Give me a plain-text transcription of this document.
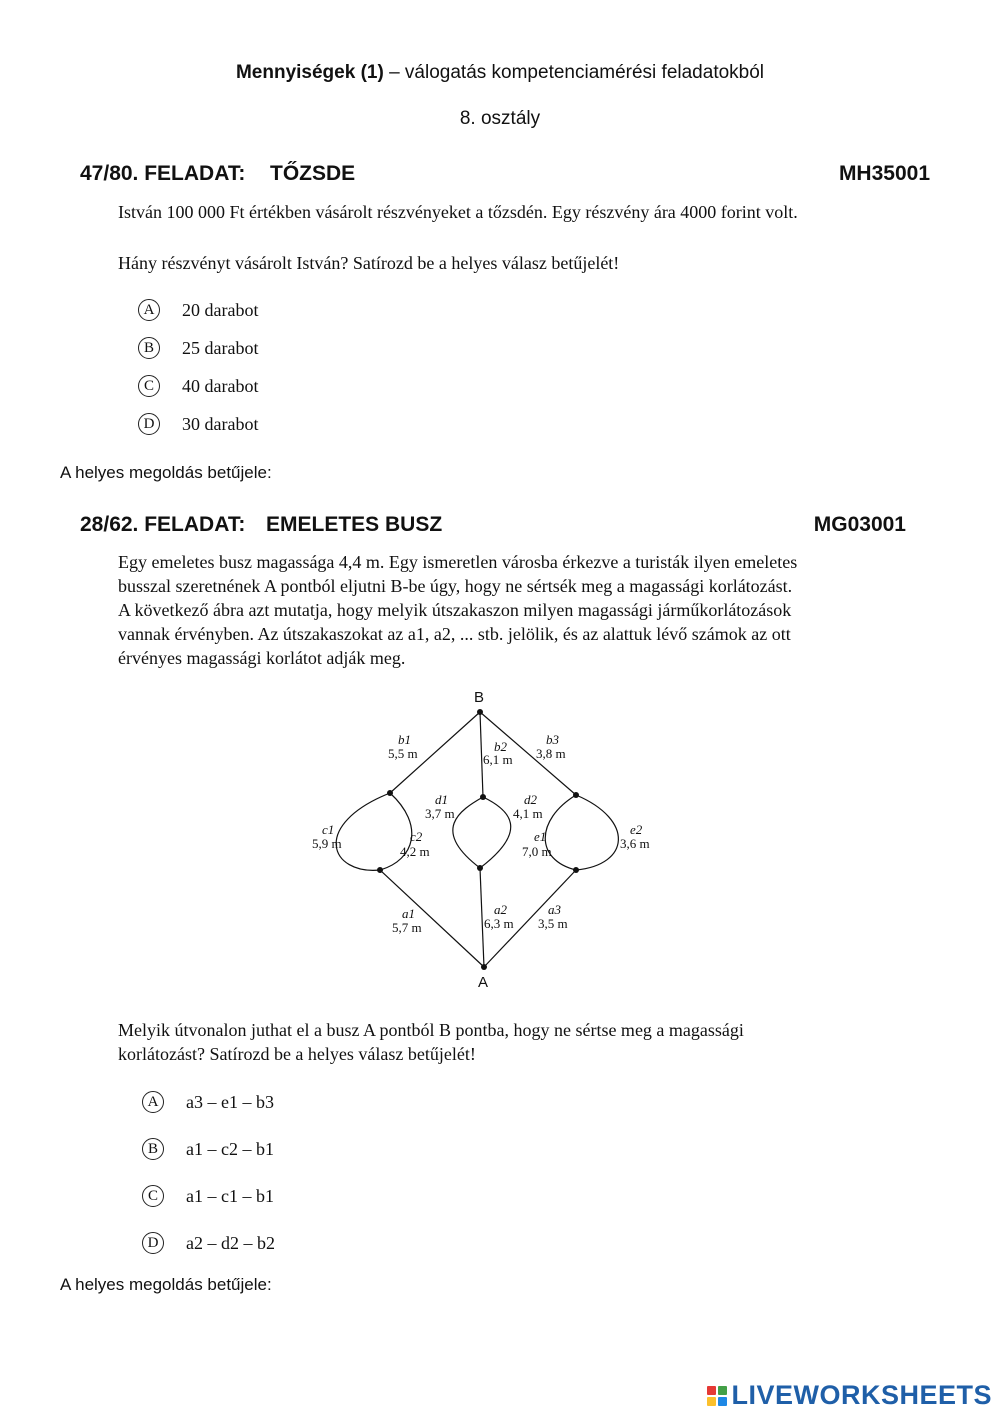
Mennyiségek (1) – válogatás kompetenciamérési feladatokból
8. osztály
47/80. FELADAT: TŐZSDE	MH35001
István 100 000 Ft értékben vásárolt részvényeket a tőzsdén. Egy részvény ára 4000 forint volt.
Hány részvényt vásárolt István? Satírozd be a helyes válasz betűjelét!
A	20 darabot
B	25 darabot
C	40 darabot
D	30 darabot
A helyes megoldás betűjele:
28/62. FELADAT: EMELETES BUSZ	MG03001
Egy emeletes busz magassága 4,4 m. Egy ismeretlen városba érkezve a turisták ilyen emeletes
busszal szeretnének A pontból eljutni B-be úgy, hogy ne sértsék meg a magassági korlátozást.
A következő ábra azt mutatja, hogy melyik útszakaszon milyen magassági járműkorlátozások
vannak érvényben. Az útszakaszokat az a1, a2, ... stb. jelölik, és az alattuk lévő számok az ott
érvényes magassági korlátot adják meg.
B
A
b1
5,5 m	b2
6,1 m
b3
3,8 m
d1
3,7 m
d2
4,1 m
c1
5,9 m	c2
4,2 m
e1
7,0 m
e2
3,6 m
a1
5,7 m
a2
6,3 m
a3
3,5 m
Melyik útvonalon juthat el a busz A pontból B pontba, hogy ne sértse meg a magassági
korlátozást? Satírozd be a helyes válasz betűjelét!
A	a3 – e1 – b3
B	a1 – c2 – b1
C	a1 – c1 – b1
D	a2 – d2 – b2
A helyes megoldás betűjele:
LIVEWORKSHEETS
